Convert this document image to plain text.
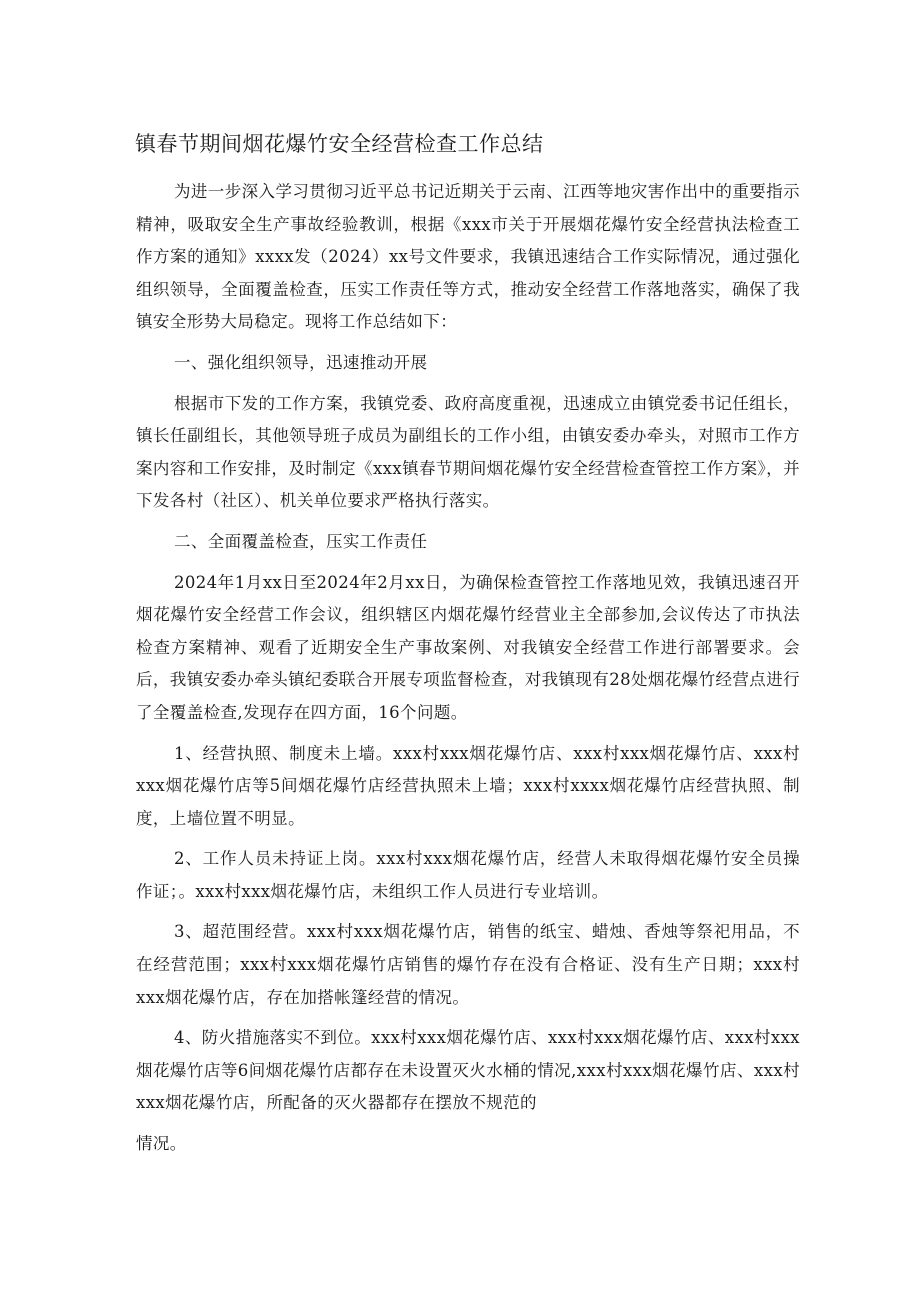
镇春节期间烟花爆竹安全经营检查工作总结

为进一步深入学习贯彻习近平总书记近期关于云南、江西等地灾害作出中的重要指示精神，吸取安全生产事故经验教训，根据《xxx市关于开展烟花爆竹安全经营执法检查工作方案的通知》xxxx发（2024）xx号文件要求，我镇迅速结合工作实际情况，通过强化组织领导，全面覆盖检查，压实工作责任等方式，推动安全经营工作落地落实，确保了我镇安全形势大局稳定。现将工作总结如下：

一、强化组织领导，迅速推动开展

根据市下发的工作方案，我镇党委、政府高度重视，迅速成立由镇党委书记任组长，镇长任副组长，其他领导班子成员为副组长的工作小组，由镇安委办牵头，对照市工作方案内容和工作安排，及时制定《xxx镇春节期间烟花爆竹安全经营检查管控工作方案》，并下发各村（社区）、机关单位要求严格执行落实。

二、全面覆盖检查，压实工作责任

2024年1月xx日至2024年2月xx日，为确保检查管控工作落地见效，我镇迅速召开烟花爆竹安全经营工作会议，组织辖区内烟花爆竹经营业主全部参加,会议传达了市执法检查方案精神、观看了近期安全生产事故案例、对我镇安全经营工作进行部署要求。会后，我镇安委办牵头镇纪委联合开展专项监督检查，对我镇现有28处烟花爆竹经营点进行了全覆盖检查,发现存在四方面，16个问题。

1、经营执照、制度未上墙。xxx村xxx烟花爆竹店、xxx村xxx烟花爆竹店、xxx村xxx烟花爆竹店等5间烟花爆竹店经营执照未上墙；xxx村xxxx烟花爆竹店经营执照、制度，上墙位置不明显。

2、工作人员未持证上岗。xxx村xxx烟花爆竹店，经营人未取得烟花爆竹安全员操作证；。xxx村xxx烟花爆竹店，未组织工作人员进行专业培训。

3、超范围经营。xxx村xxx烟花爆竹店，销售的纸宝、蜡烛、香烛等祭祀用品，不在经营范围；xxx村xxx烟花爆竹店销售的爆竹存在没有合格证、没有生产日期；xxx村xxx烟花爆竹店，存在加搭帐篷经营的情况。

4、防火措施落实不到位。xxx村xxx烟花爆竹店、xxx村xxx烟花爆竹店、xxx村xxx烟花爆竹店等6间烟花爆竹店都存在未设置灭火水桶的情况,xxx村xxx烟花爆竹店、xxx村xxx烟花爆竹店，所配备的灭火器都存在摆放不规范的

情况。
